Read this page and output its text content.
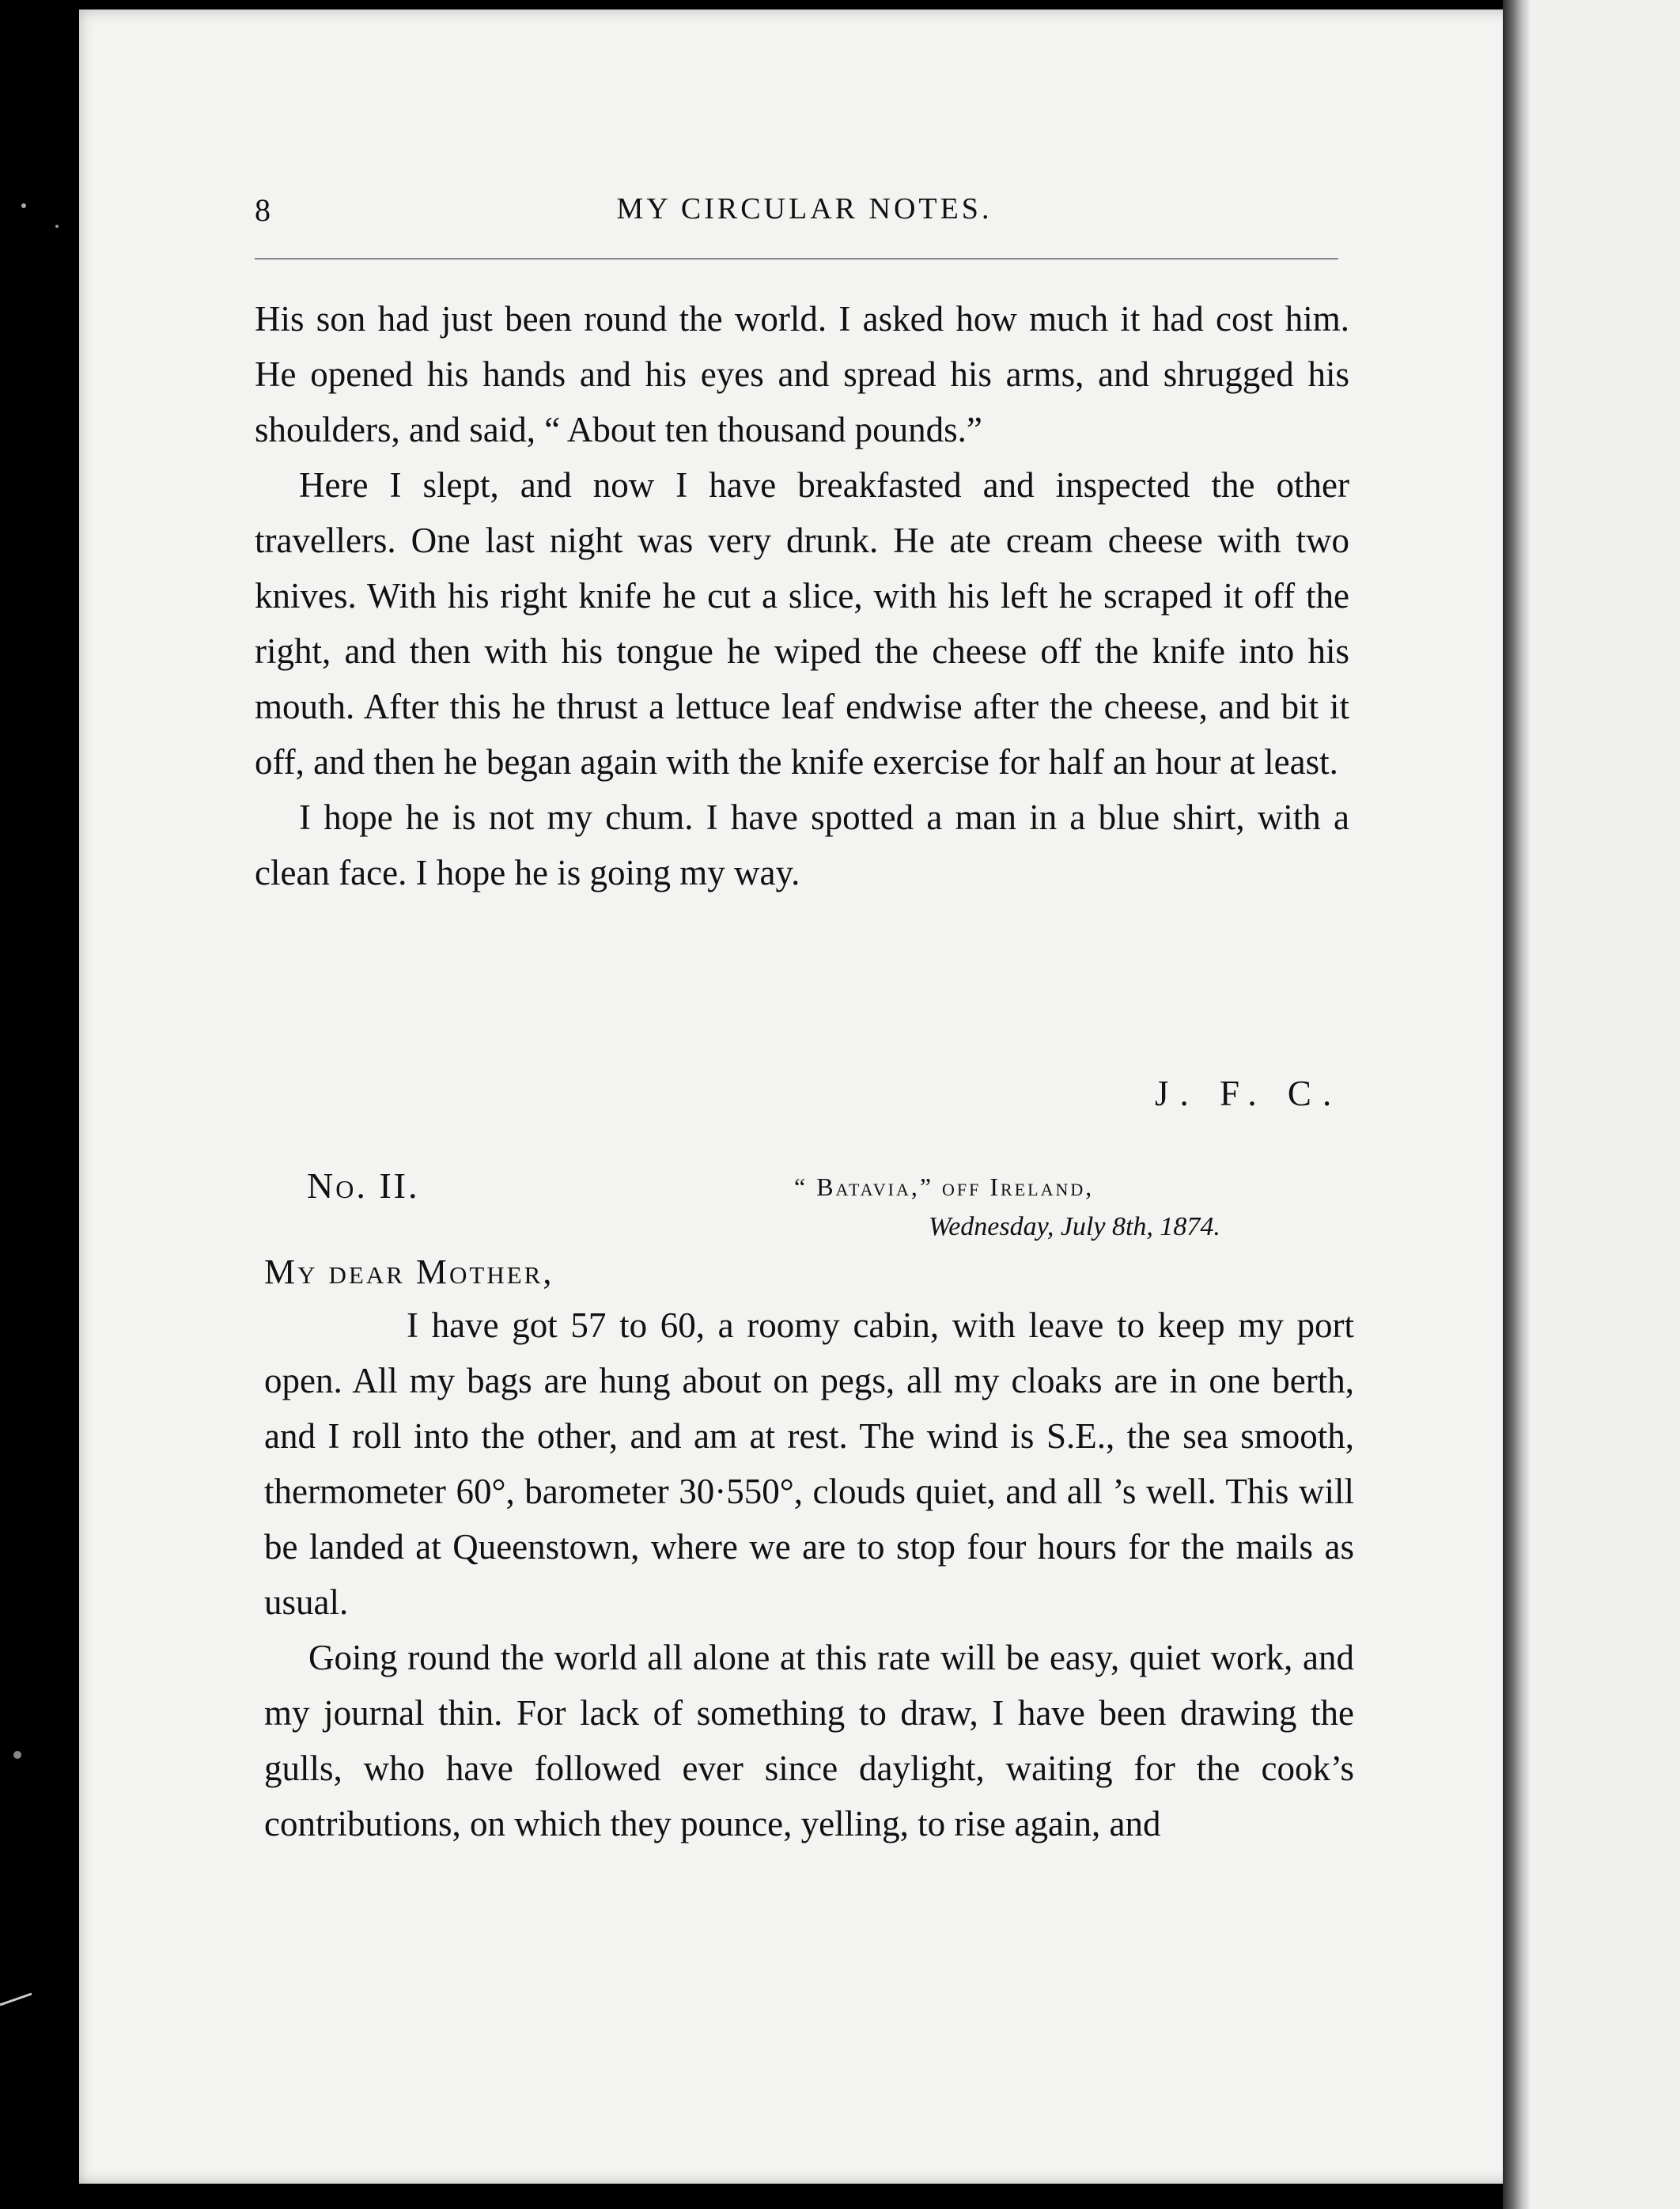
8	MY CIRCULAR NOTES.

His son had just been round the world. I asked how much it had cost him. He opened his hands and his eyes and spread his arms, and shrugged his shoulders, and said, “ About ten thousand pounds.”

Here I slept, and now I have breakfasted and inspected the other travellers. One last night was very drunk. He ate cream cheese with two knives. With his right knife he cut a slice, with his left he scraped it off the right, and then with his tongue he wiped the cheese off the knife into his mouth. After this he thrust a lettuce leaf endwise after the cheese, and bit it off, and then he began again with the knife exercise for half an hour at least.

I hope he is not my chum. I have spotted a man in a blue shirt, with a clean face. I hope he is going my way.

J. F. C.
No. II.	“ Batavia,” off Ireland,
Wednesday, July 8th, 1874.
My dear Mother,

I have got 57 to 60, a roomy cabin, with leave to keep my port open. All my bags are hung about on pegs, all my cloaks are in one berth, and I roll into the other, and am at rest. The wind is S.E., the sea smooth, thermometer 60°, barometer 30·550°, clouds quiet, and all ’s well. This will be landed at Queenstown, where we are to stop four hours for the mails as usual.

Going round the world all alone at this rate will be easy, quiet work, and my journal thin. For lack of something to draw, I have been drawing the gulls, who have followed ever since daylight, waiting for the cook’s contributions, on which they pounce, yelling, to rise again, and
